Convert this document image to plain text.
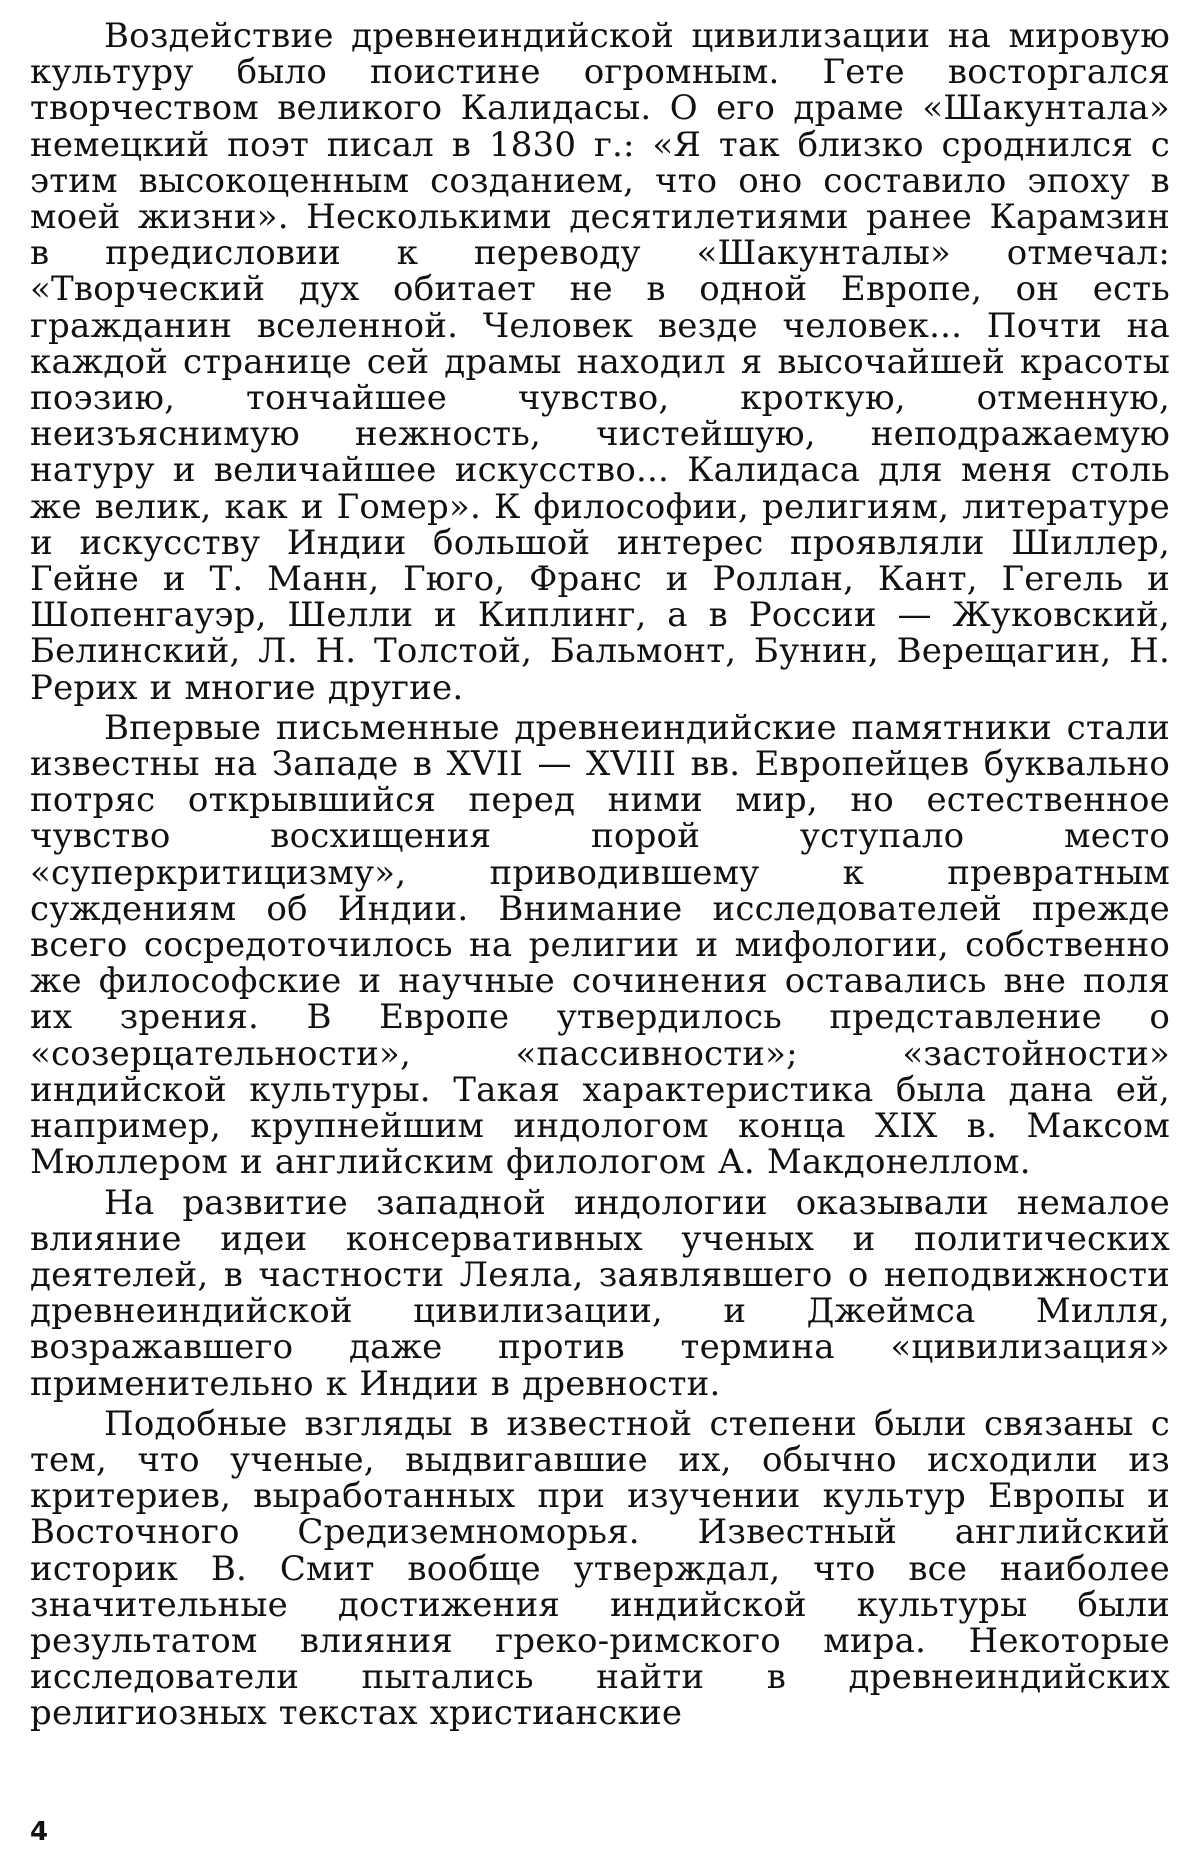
Воздействие древнеиндийской цивилизации на мировую культуру было поистине огромным. Гете восторгался творчеством великого Калидасы. О его драме «Шакунтала» немецкий поэт писал в 1830 г.: «Я так близко сроднился с этим высокоценным созданием, что оно составило эпоху в моей жизни». Несколькими десятилетиями ранее Карамзин в предисловии к переводу «Шакунталы» отмечал: «Творческий дух обитает не в одной Европе, он есть гражданин вселенной. Человек везде человек... Почти на каждой странице сей драмы находил я высочайшей красоты поэзию, тончайшее чувство, кроткую, отменную, неизъяснимую нежность, чистейшую, неподражаемую натуру и величайшее искусство... Калидаса для меня столь же велик, как и Гомер». К философии, религиям, литературе и искусству Индии большой интерес проявляли Шиллер, Гейне и Т. Манн, Гюго, Франс и Роллан, Кант, Гегель и Шопенгауэр, Шелли и Киплинг, а в России — Жуковский, Белинский, Л. Н. Толстой, Бальмонт, Бунин, Верещагин, Н. Рерих и многие другие.

Впервые письменные древнеиндийские памятники стали известны на Западе в XVII — XVIII вв. Европейцев буквально потряс открывшийся перед ними мир, но естественное чувство восхищения порой уступало место «суперкритицизму», приводившему к превратным суждениям об Индии. Внимание исследователей прежде всего сосредоточилось на религии и мифологии, собственно же философские и научные сочинения оставались вне поля их зрения. В Европе утвердилось представление о «созерцательности», «пассивности»; «застойности» индийской культуры. Такая характеристика была дана ей, например, крупнейшим индологом конца XIX в. Максом Мюллером и английским филологом А. Макдонеллом.

На развитие западной индологии оказывали немалое влияние идеи консервативных ученых и политических деятелей, в частности Леяла, заявлявшего о неподвижности древнеиндийской цивилизации, и Джеймса Милля, возражавшего даже против термина «цивилизация» применительно к Индии в древности.

Подобные взгляды в известной степени были связаны с тем, что ученые, выдвигавшие их, обычно исходили из критериев, выработанных при изучении культур Европы и Восточного Средиземноморья. Известный английский историк В. Смит вообще утверждал, что все наиболее значительные достижения индийской культуры были результатом влияния греко-римского мира. Некоторые исследователи пытались найти в древнеиндийских религиозных текстах христианские

4
